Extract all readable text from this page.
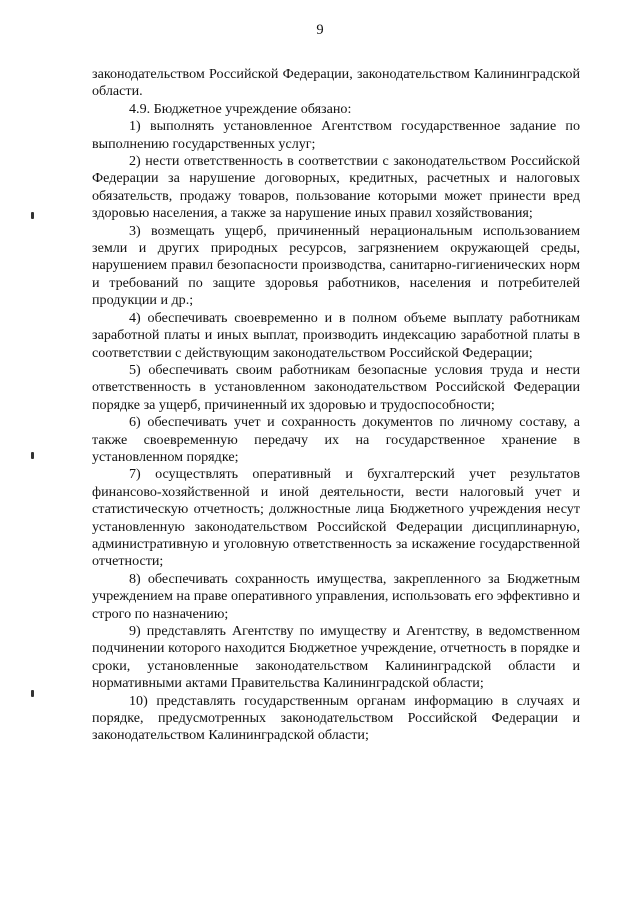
9

законодательством Российской Федерации, законодательством Калининградской области.

4.9. Бюджетное учреждение обязано:

1) выполнять установленное Агентством государственное задание по выполнению государственных услуг;

2) нести ответственность в соответствии с законодательством Российской Федерации за нарушение договорных, кредитных, расчетных и налоговых обязательств, продажу товаров, пользование которыми может принести вред здоровью населения, а также за нарушение иных правил хозяйствования;

3) возмещать ущерб, причиненный нерациональным использованием земли и других природных ресурсов, загрязнением окружающей среды, нарушением правил безопасности производства, санитарно-гигиенических норм и требований по защите здоровья работников, населения и потребителей продукции и др.;

4) обеспечивать своевременно и в полном объеме выплату работникам заработной платы и иных выплат, производить индексацию заработной платы в соответствии с действующим законодательством Российской Федерации;

5) обеспечивать своим работникам безопасные условия труда и нести ответственность в установленном законодательством Российской Федерации порядке за ущерб, причиненный их здоровью и трудоспособности;

6) обеспечивать учет и сохранность документов по личному составу, а также своевременную передачу их на государственное хранение в установленном порядке;

7) осуществлять оперативный и бухгалтерский учет результатов финансово-хозяйственной и иной деятельности, вести налоговый учет и статистическую отчетность; должностные лица Бюджетного учреждения несут установленную законодательством Российской Федерации дисциплинарную, административную и уголовную ответственность за искажение государственной отчетности;

8) обеспечивать сохранность имущества, закрепленного за Бюджетным учреждением на праве оперативного управления, использовать его эффективно и строго по назначению;

9) представлять Агентству по имуществу и Агентству, в ведомственном подчинении которого находится Бюджетное учреждение, отчетность в порядке и сроки, установленные законодательством Калининградской области и нормативными актами Правительства Калининградской области;

10) представлять государственным органам информацию в случаях и порядке, предусмотренных законодательством Российской Федерации и законодательством Калининградской области;
